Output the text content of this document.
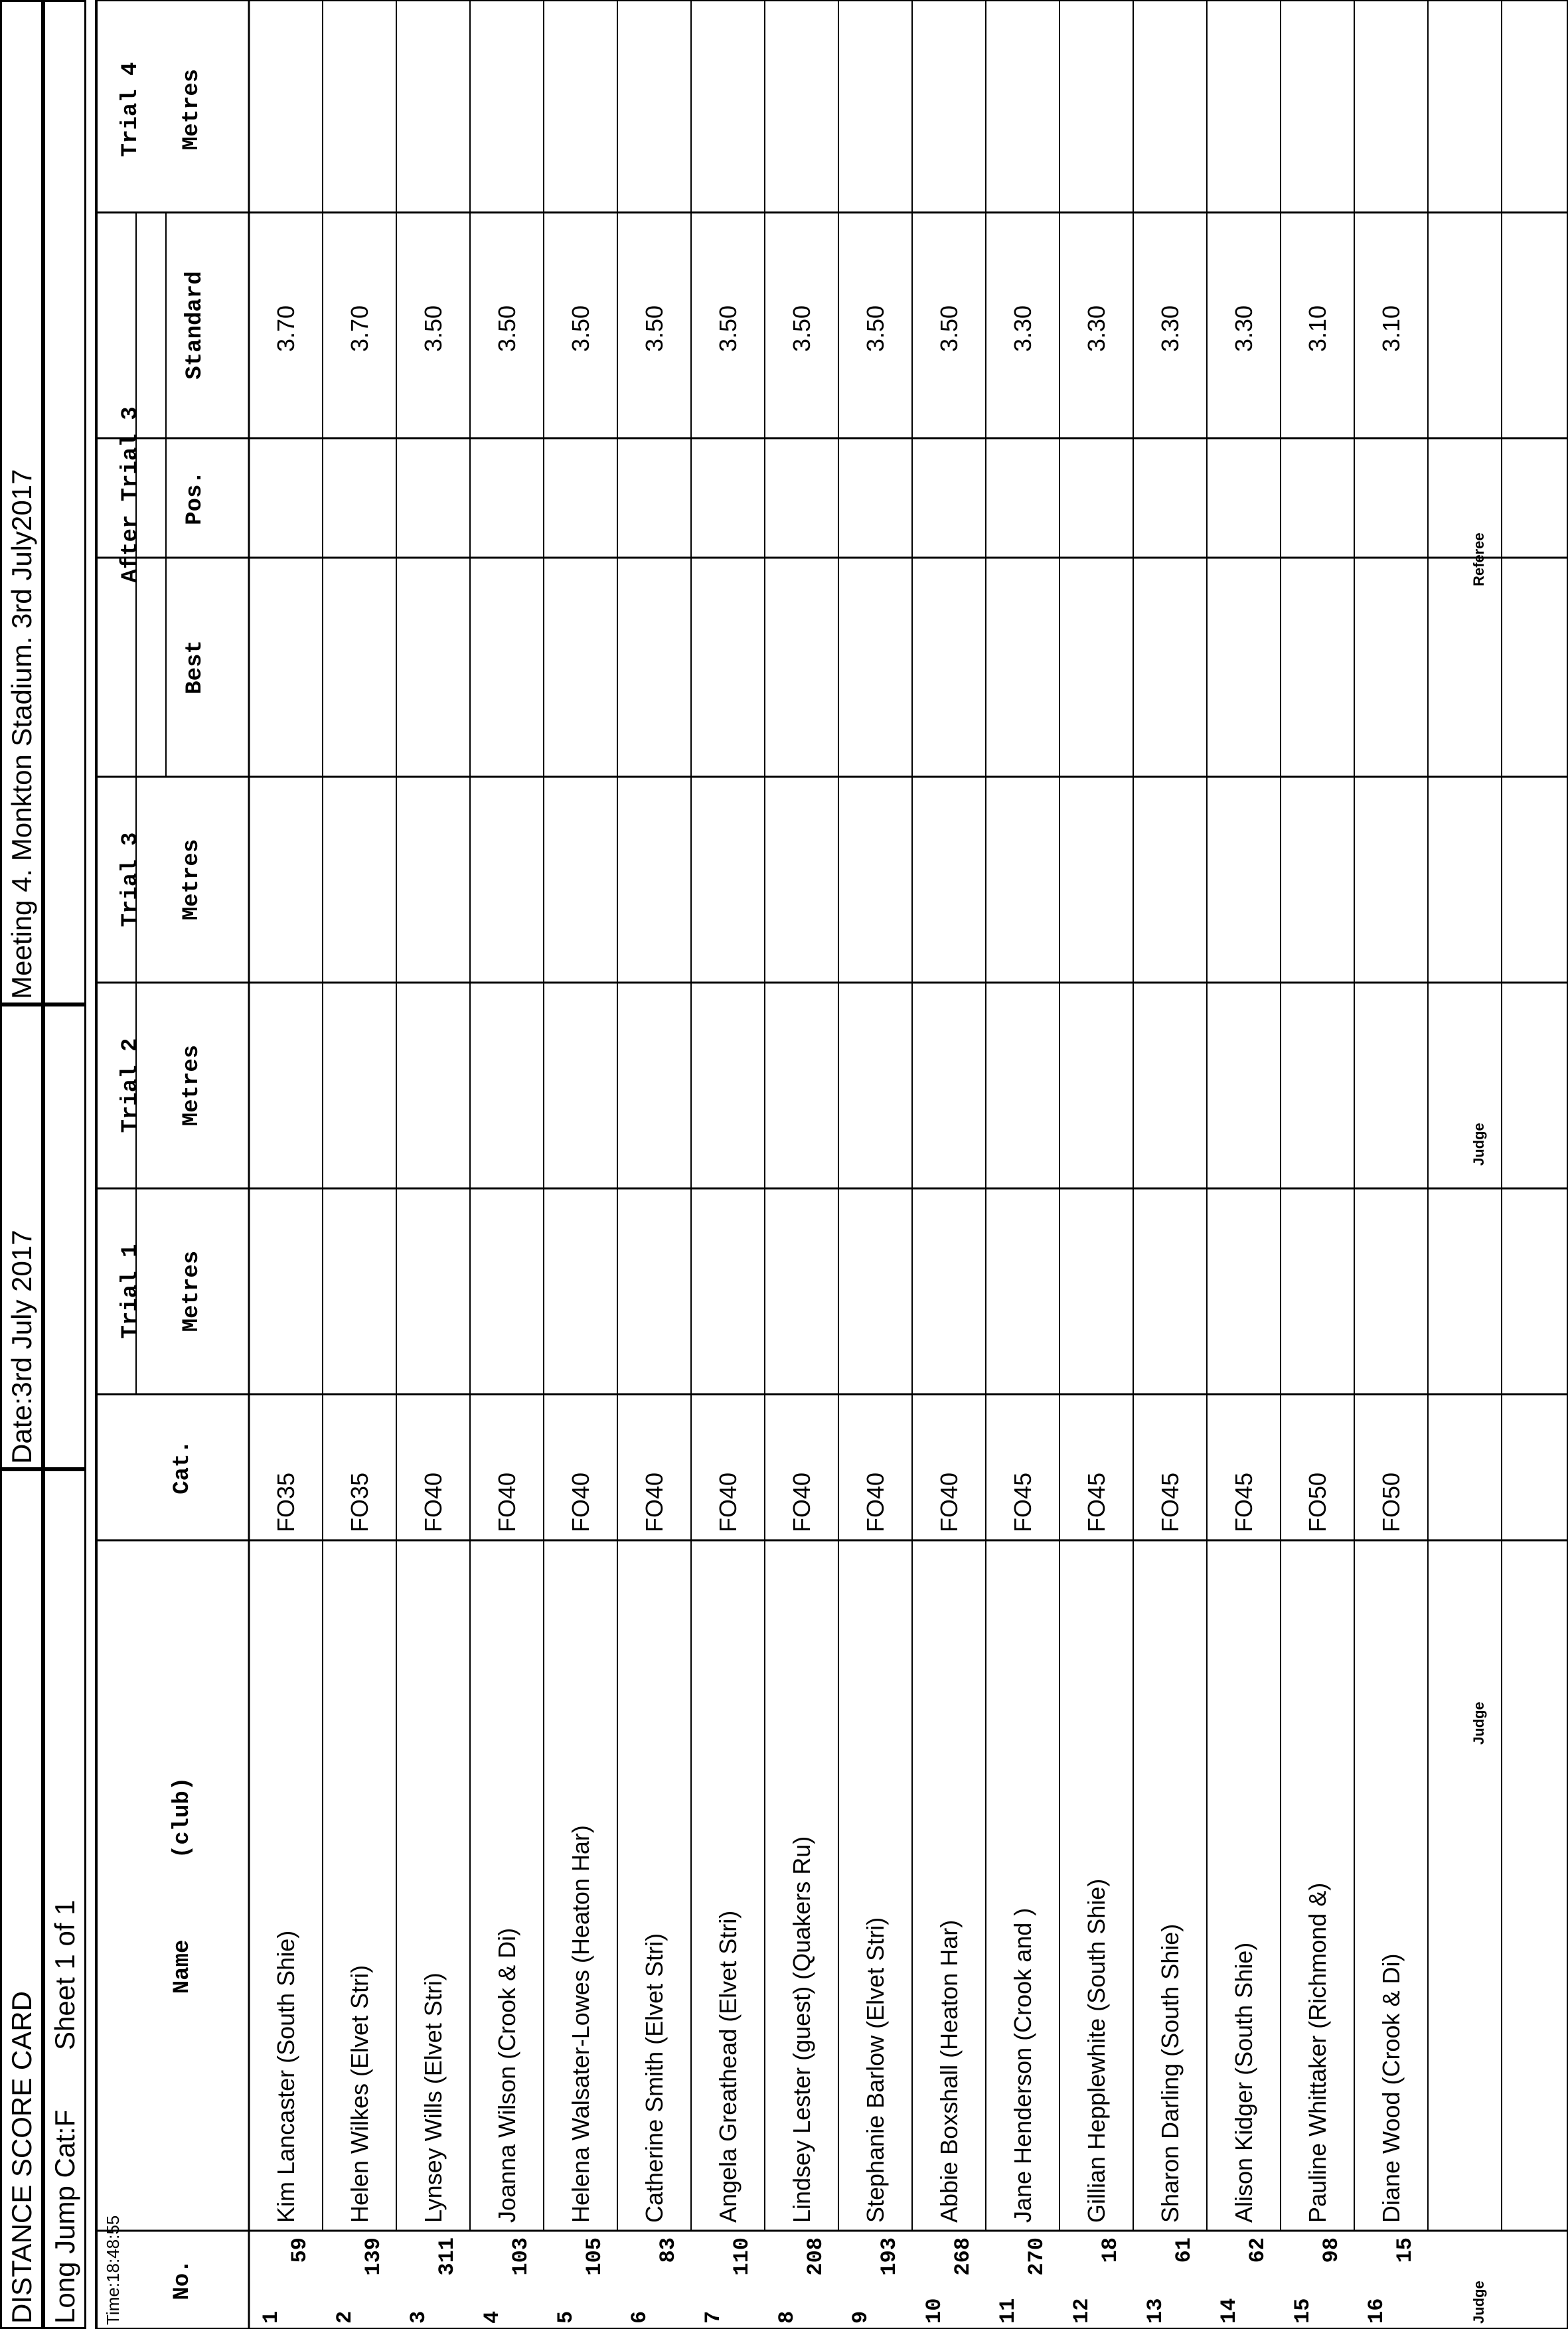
DISTANCE SCORE CARD
Date:3rd July 2017
Meeting 4. Monkton Stadium. 3rd July2017
Long Jump Cat:F
Sheet 1 of 1
Time:18:48:55 No.
Name      (club)
Cat.
Trial 1 Metres
Trial 2 Metres
Trial 3 Metres
After Trial 3
Best
Pos.
Standard
Trial 4 Metres
Judge
Judge
Judge
Referee
1
59
Kim Lancaster (South Shie)
FO35
3.70
2
139
Helen Wilkes (Elvet Stri)
FO35
3.70
3
311
Lynsey Wills (Elvet Stri)
FO40
3.50
4
103
Joanna Wilson (Crook & Di)
FO40
3.50
5
105
Helena Walsater-Lowes (Heaton Har)
FO40
3.50
6
83
Catherine Smith (Elvet Stri)
FO40
3.50
7
110
Angela Greathead (Elvet Stri)
FO40
3.50
8
208
Lindsey Lester (guest) (Quakers Ru)
FO40
3.50
9
193
Stephanie Barlow (Elvet Stri)
FO40
3.50
10
268
Abbie Boxshall (Heaton Har)
FO40
3.50
11
270
Jane Henderson (Crook and )
FO45
3.30
12
18
Gillian Hepplewhite (South Shie)
FO45
3.30
13
61
Sharon Darling (South Shie)
FO45
3.30
14
62
Alison Kidger (South Shie)
FO45
3.30
15
98
Pauline Whittaker (Richmond &)
FO50
3.10
16
15
Diane Wood (Crook & Di)
FO50
3.10
